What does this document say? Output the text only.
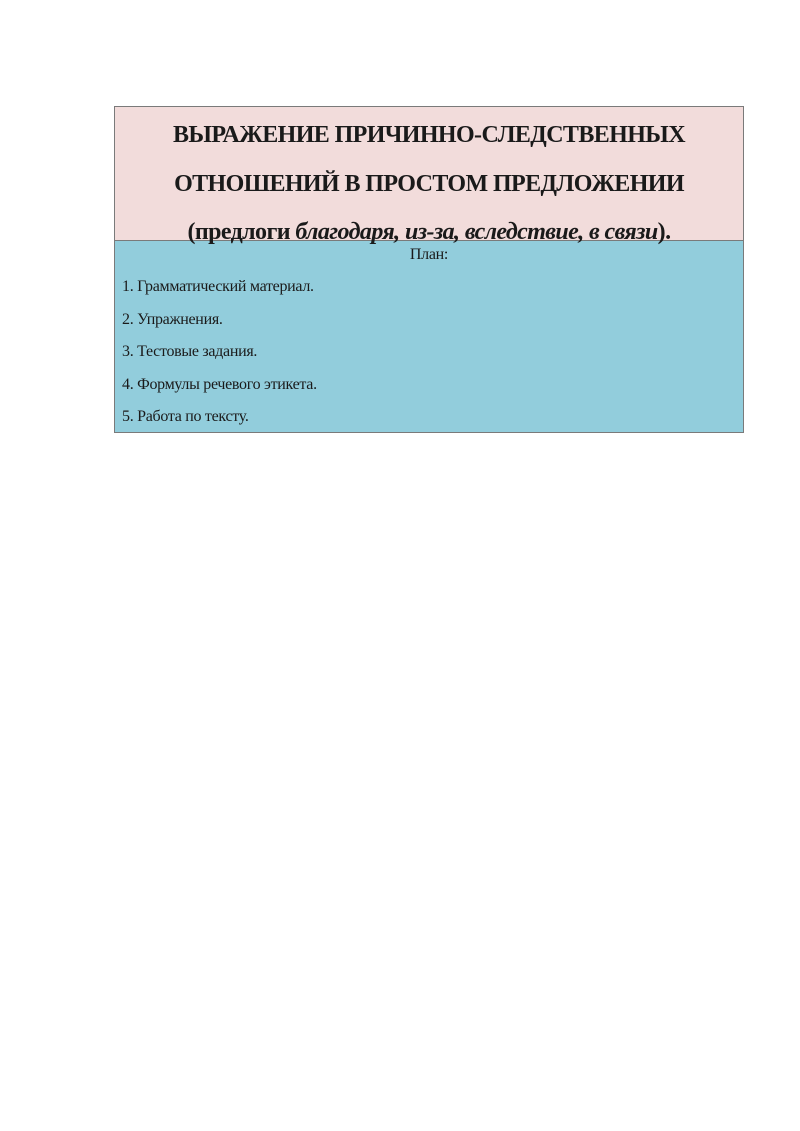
ВЫРАЖЕНИЕ ПРИЧИННО-СЛЕДСТВЕННЫХ
ОТНОШЕНИЙ В ПРОСТОМ ПРЕДЛОЖЕНИИ
(предлоги благодаря, из-за, вследствие, в связи).
План:
1. Грамматический материал.
2. Упражнения.
3. Тестовые задания.
4. Формулы речевого этикета.
5. Работа по тексту.
